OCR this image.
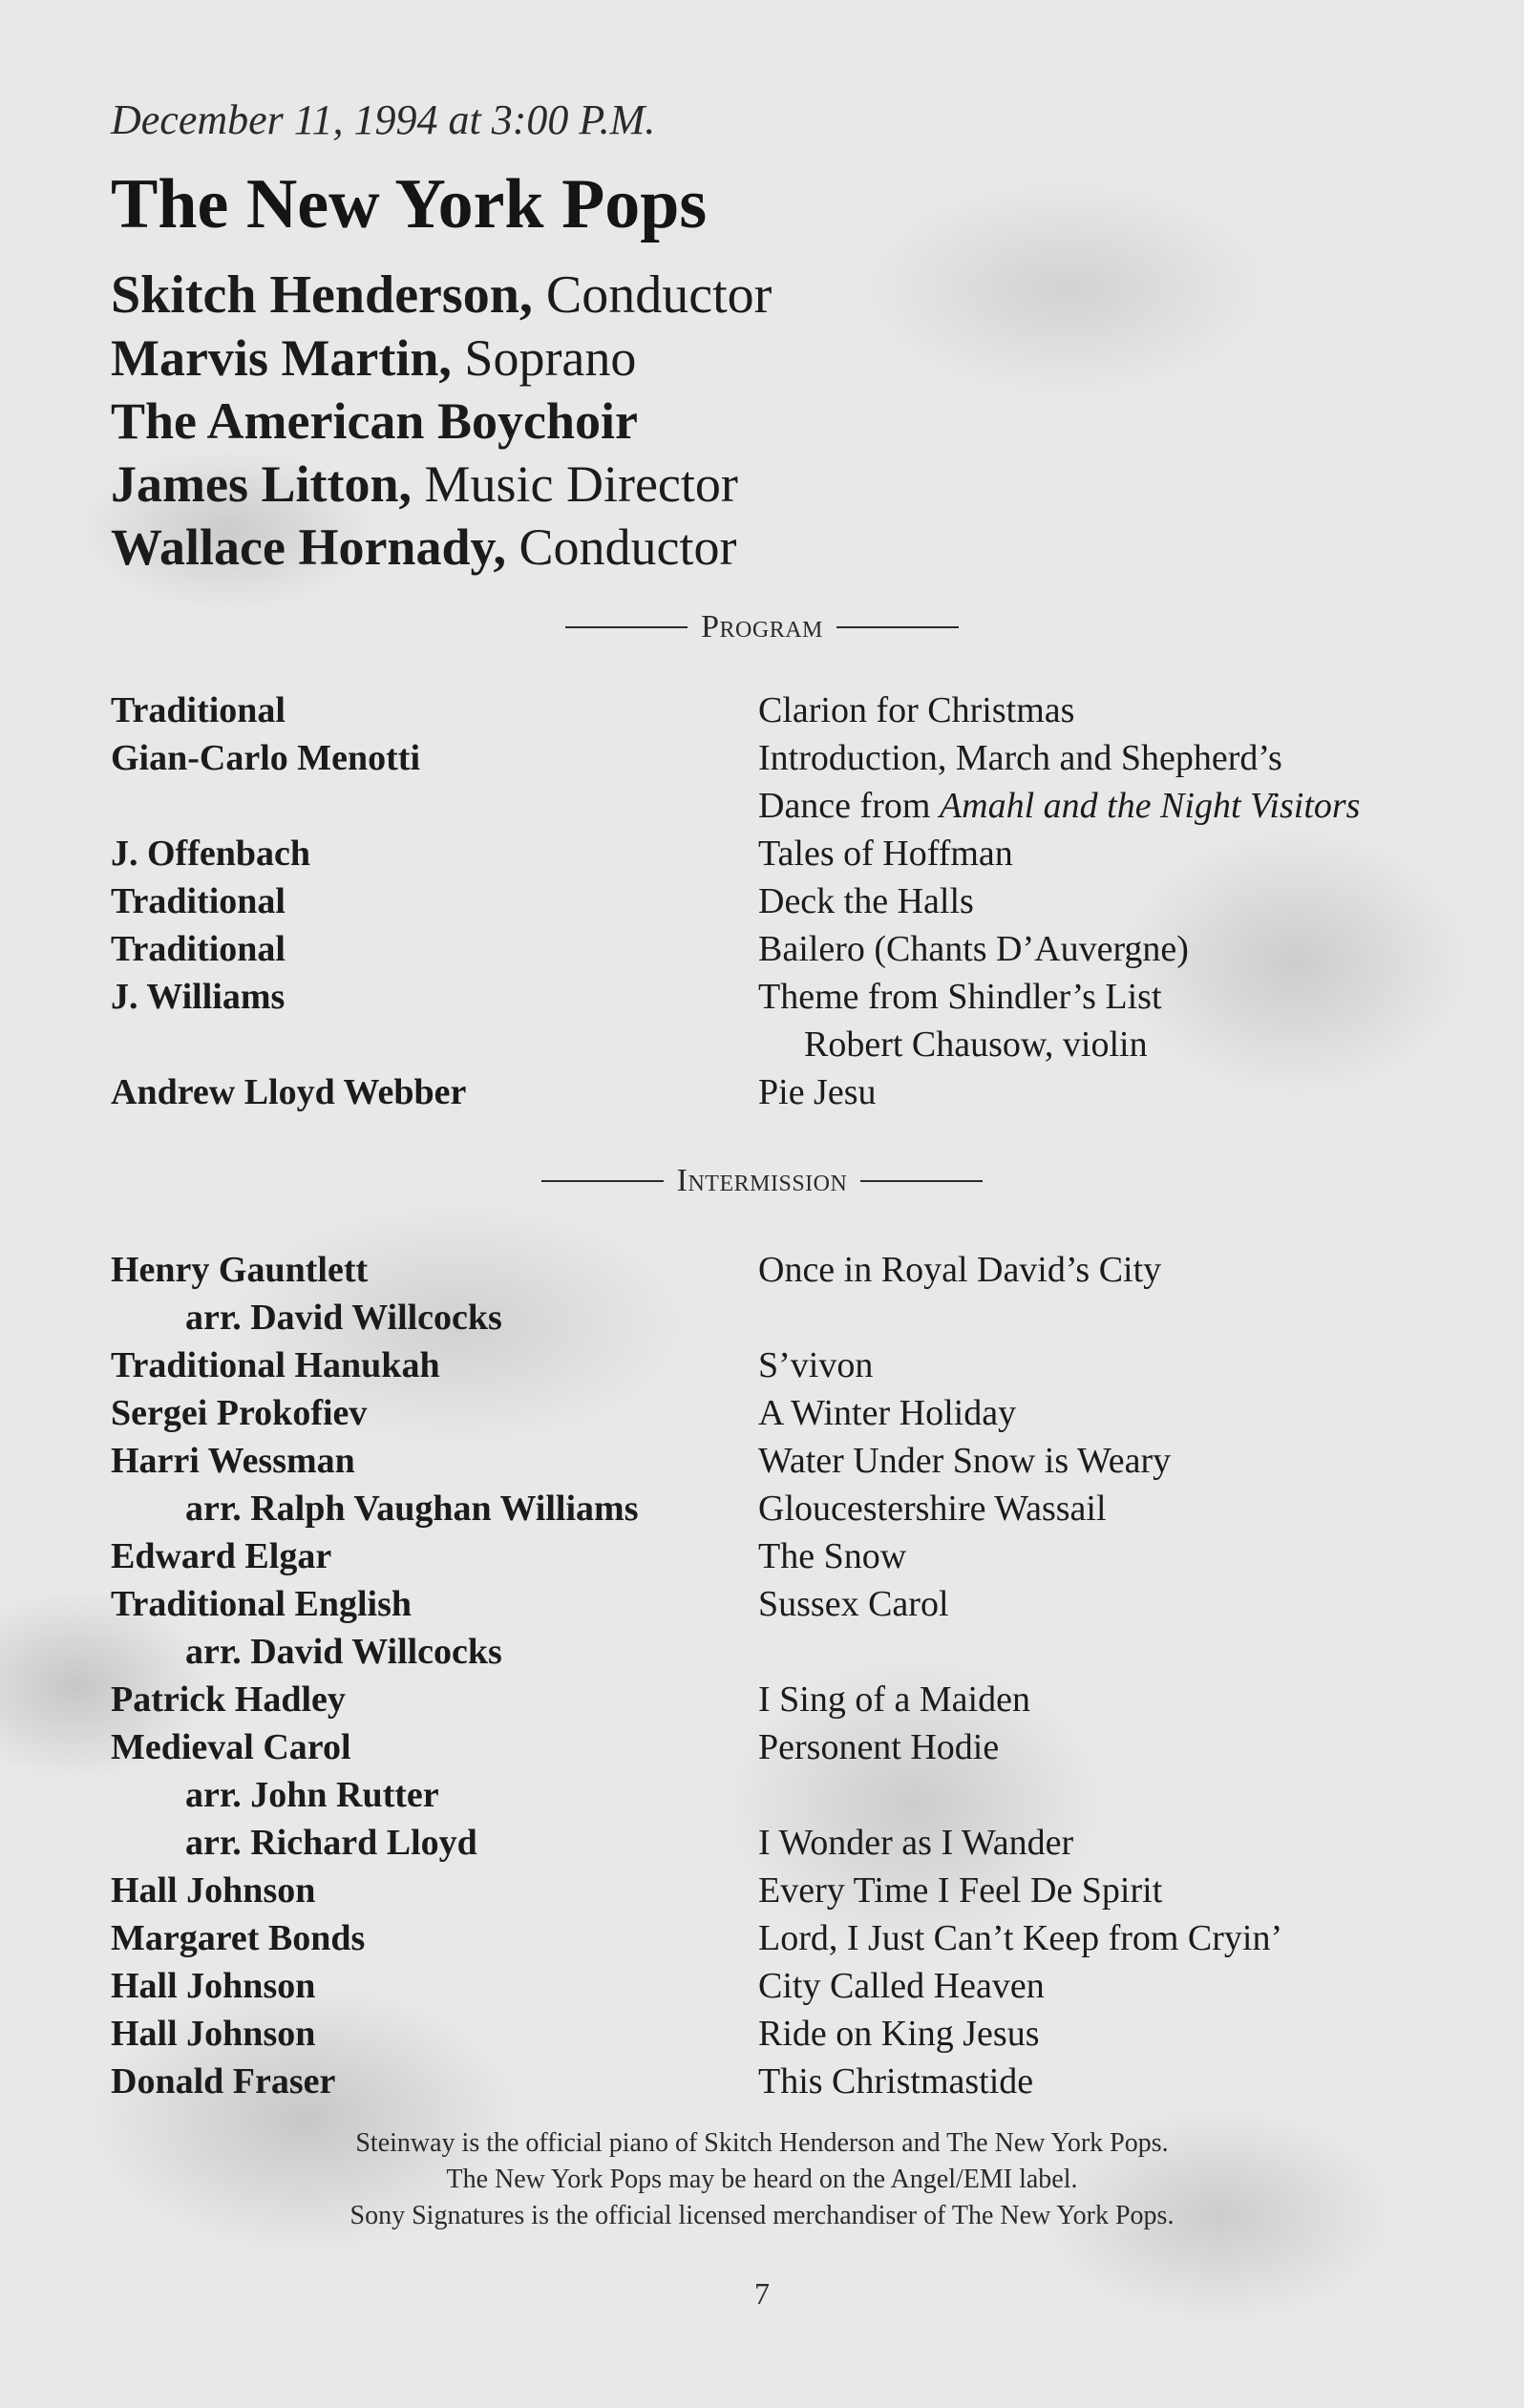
December 11, 1994 at 3:00 P.M.
The New York Pops
Skitch Henderson, Conductor
Marvis Martin, Soprano
The American Boychoir
James Litton, Music Director
Wallace Hornady, Conductor
Program
Traditional	Clarion for Christmas
Gian-Carlo Menotti	Introduction, March and Shepherd’s
Dance from Amahl and the Night Visitors
J. Offenbach	Tales of Hoffman
Traditional	Deck the Halls
Traditional	Bailero (Chants D’Auvergne)
J. Williams	Theme from Shindler’s List
Robert Chausow, violin
Andrew Lloyd Webber	Pie Jesu
Intermission
Henry Gauntlett	Once in Royal David’s City
arr. David Willcocks
Traditional Hanukah	S’vivon
Sergei Prokofiev	A Winter Holiday
Harri Wessman	Water Under Snow is Weary
arr. Ralph Vaughan Williams	Gloucestershire Wassail
Edward Elgar	The Snow
Traditional English	Sussex Carol
arr. David Willcocks
Patrick Hadley	I Sing of a Maiden
Medieval Carol	Personent Hodie
arr. John Rutter
arr. Richard Lloyd	I Wonder as I Wander
Hall Johnson	Every Time I Feel De Spirit
Margaret Bonds	Lord, I Just Can’t Keep from Cryin’
Hall Johnson	City Called Heaven
Hall Johnson	Ride on King Jesus
Donald Fraser	This Christmastide
Steinway is the official piano of Skitch Henderson and The New York Pops.
The New York Pops may be heard on the Angel/EMI label.
Sony Signatures is the official licensed merchandiser of The New York Pops.
7
